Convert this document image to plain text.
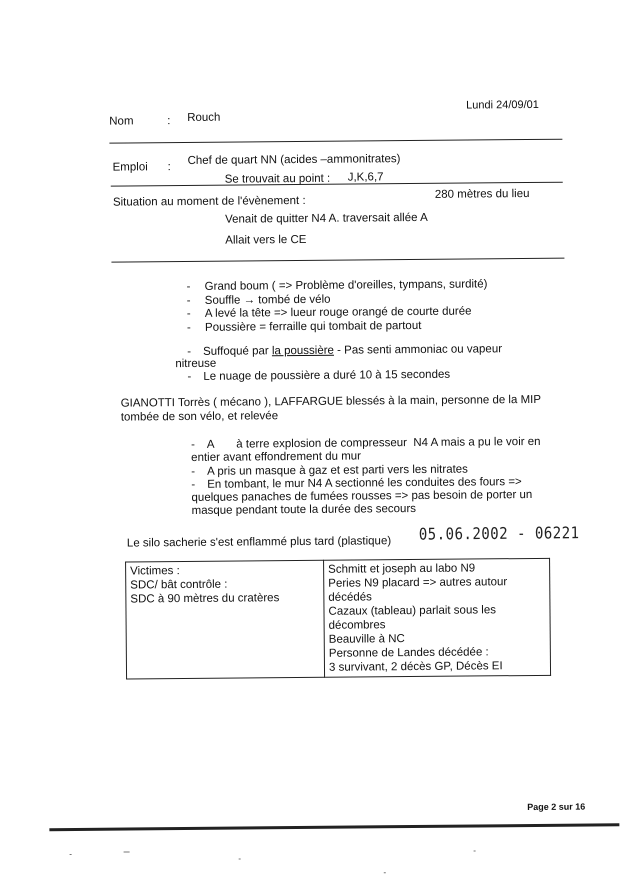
Lundi 24/09/01
Nom	: Rouch
Emploi :
Chef de quart NN (acides –ammonitrates)
Se trouvait au point : J,K,6,7
Situation au moment de l'évènement :
280 mètres du lieu
Venait de quitter N4 A. traversait allée A
Allait vers le CE
-	Grand boum ( => Problème d'oreilles, tympans, surdité)
-	Souffle → tombé de vélo
-	A levé la tête => lueur rouge orangé de courte durée
-	Poussière = ferraille qui tombait de partout
- Suffoqué par la poussière - Pas senti ammoniac ou vapeur
nitreuse
- Le nuage de poussière a duré 10 à 15 secondes
GIANOTTI Torrès ( mécano ), LAFFARGUE blessés à la main, personne de la MIP
tombée de son vélo, et relevée
- A       à terre explosion de compresseur  N4 A mais a pu le voir en
entier avant effondrement du mur
- A pris un masque à gaz et est parti vers les nitrates
- En tombant, le mur N4 A sectionné les conduites des fours =>
quelques panaches de fumées rousses => pas besoin de porter un
masque pendant toute la durée des secours
Le silo sacherie s'est enflammé plus tard (plastique) 05.06.2002 - 06221
Victimes :
SDC/ bât contrôle :
SDC à 90 mètres du cratères

Schmitt et joseph au labo N9
Peries N9 placard => autres autour décédés
Cazaux (tableau) parlait sous les décombres
Beauville à NC
Personne de Landes décédée :
3 survivant, 2 décès GP, Décès EI
Page 2 sur 16
